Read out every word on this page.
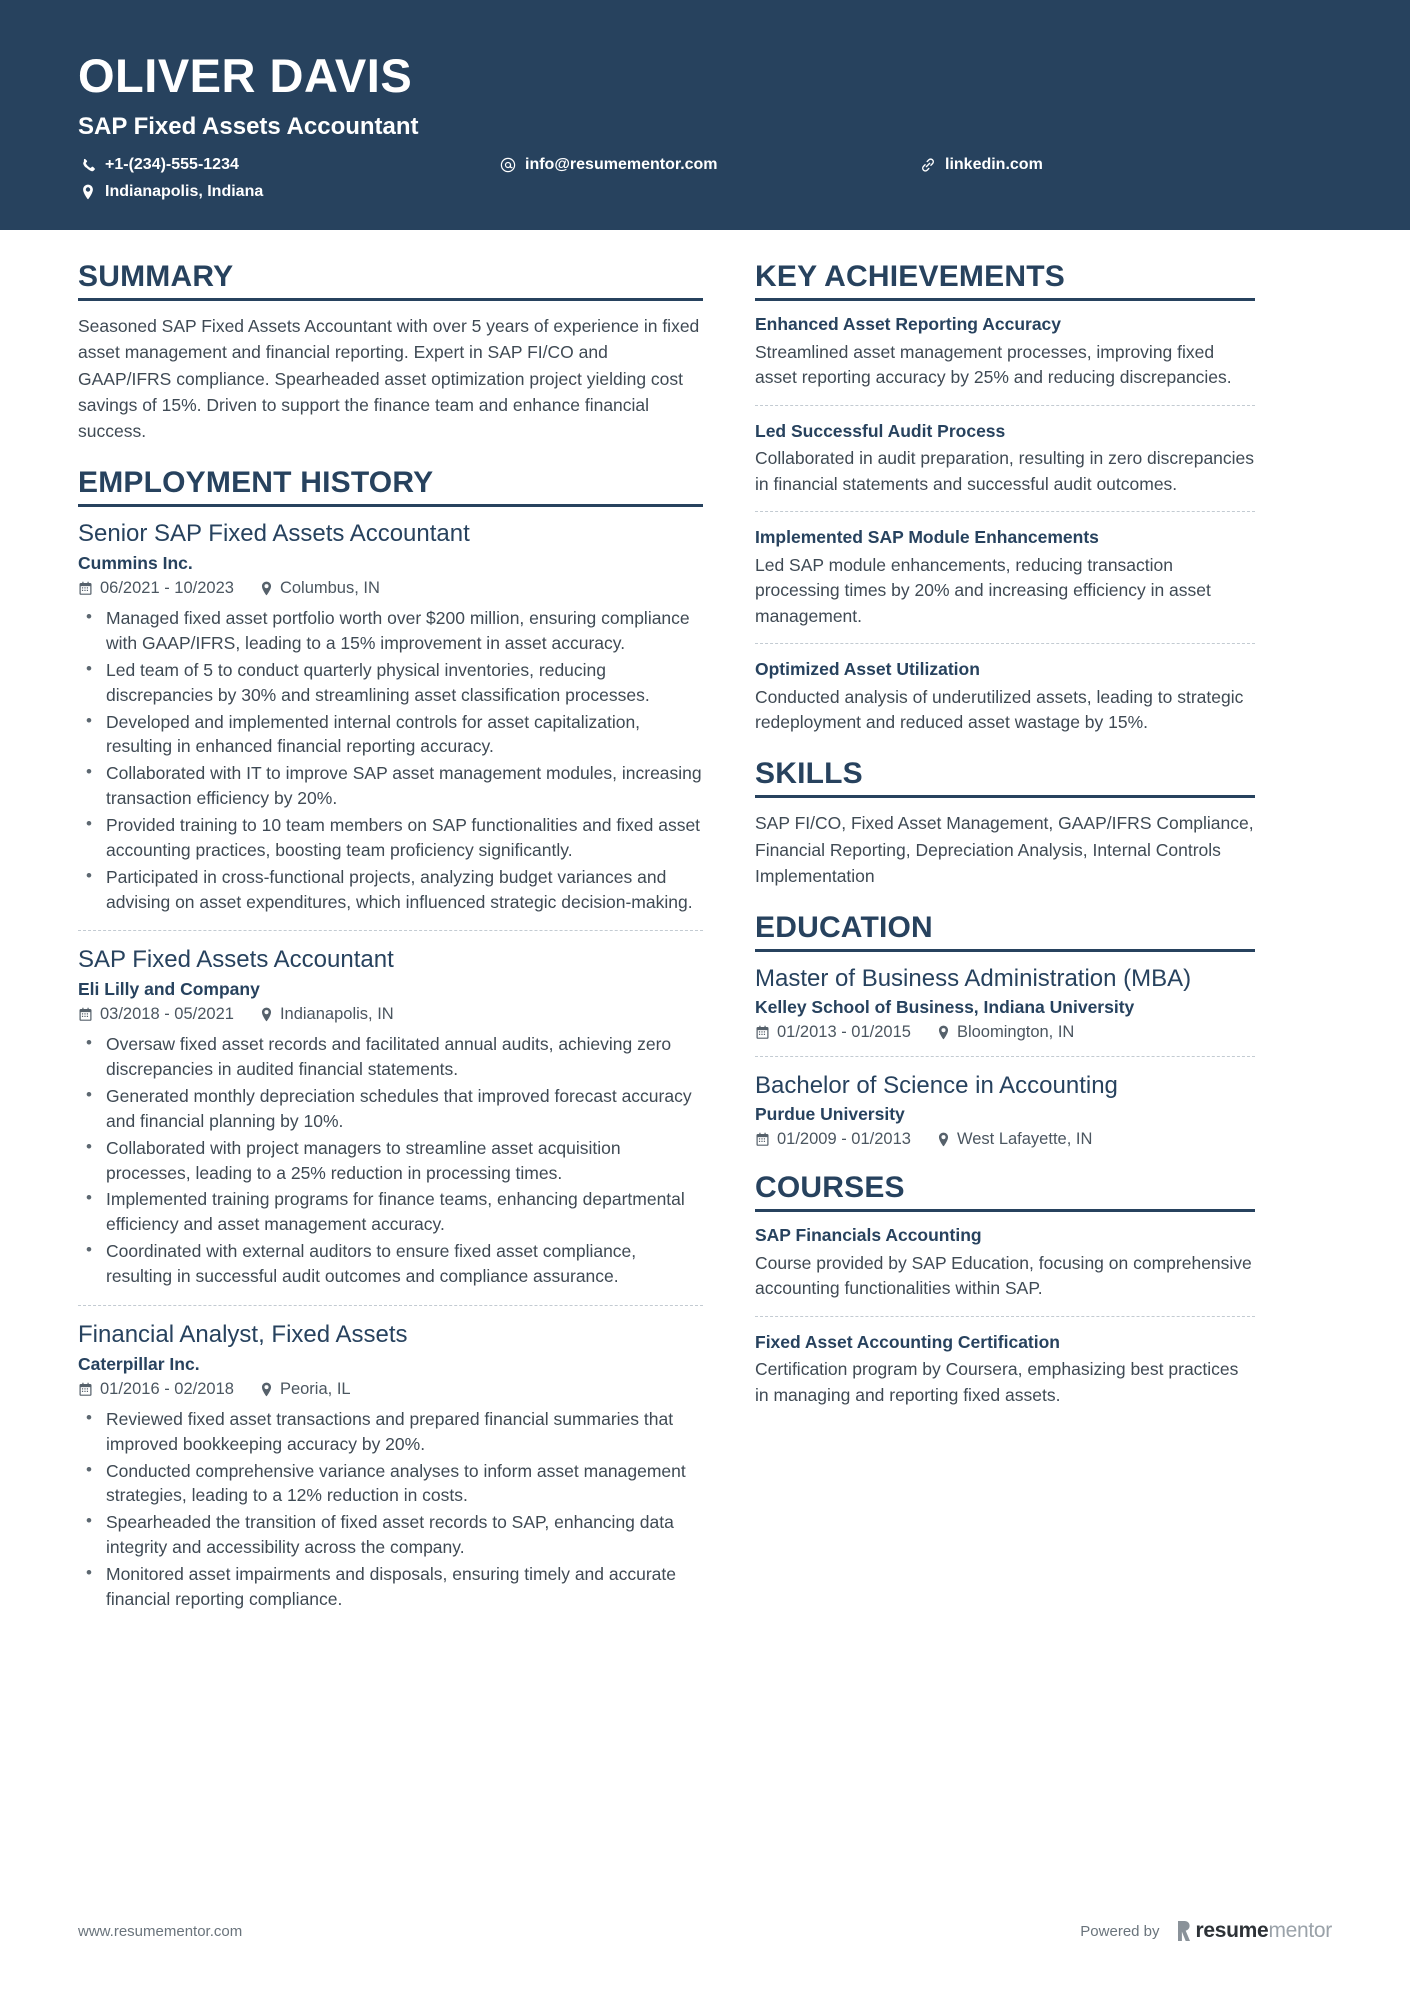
OLIVER DAVIS
SAP Fixed Assets Accountant
+1-(234)-555-1234	info@resumementor.com	linkedin.com
Indianapolis, Indiana
SUMMARY
Seasoned SAP Fixed Assets Accountant with over 5 years of experience in fixed asset management and financial reporting. Expert in SAP FI/CO and GAAP/IFRS compliance. Spearheaded asset optimization project yielding cost savings of 15%. Driven to support the finance team and enhance financial success.
EMPLOYMENT HISTORY
Senior SAP Fixed Assets Accountant
Cummins Inc.
06/2021 - 10/2023	Columbus, IN
• Managed fixed asset portfolio worth over $200 million, ensuring compliance with GAAP/IFRS, leading to a 15% improvement in asset accuracy.
• Led team of 5 to conduct quarterly physical inventories, reducing discrepancies by 30% and streamlining asset classification processes.
• Developed and implemented internal controls for asset capitalization, resulting in enhanced financial reporting accuracy.
• Collaborated with IT to improve SAP asset management modules, increasing transaction efficiency by 20%.
• Provided training to 10 team members on SAP functionalities and fixed asset accounting practices, boosting team proficiency significantly.
• Participated in cross-functional projects, analyzing budget variances and advising on asset expenditures, which influenced strategic decision-making.
SAP Fixed Assets Accountant
Eli Lilly and Company
03/2018 - 05/2021	Indianapolis, IN
• Oversaw fixed asset records and facilitated annual audits, achieving zero discrepancies in audited financial statements.
• Generated monthly depreciation schedules that improved forecast accuracy and financial planning by 10%.
• Collaborated with project managers to streamline asset acquisition processes, leading to a 25% reduction in processing times.
• Implemented training programs for finance teams, enhancing departmental efficiency and asset management accuracy.
• Coordinated with external auditors to ensure fixed asset compliance, resulting in successful audit outcomes and compliance assurance.
Financial Analyst, Fixed Assets
Caterpillar Inc.
01/2016 - 02/2018	Peoria, IL
• Reviewed fixed asset transactions and prepared financial summaries that improved bookkeeping accuracy by 20%.
• Conducted comprehensive variance analyses to inform asset management strategies, leading to a 12% reduction in costs.
• Spearheaded the transition of fixed asset records to SAP, enhancing data integrity and accessibility across the company.
• Monitored asset impairments and disposals, ensuring timely and accurate financial reporting compliance.
KEY ACHIEVEMENTS
Enhanced Asset Reporting Accuracy
Streamlined asset management processes, improving fixed asset reporting accuracy by 25% and reducing discrepancies.
Led Successful Audit Process
Collaborated in audit preparation, resulting in zero discrepancies in financial statements and successful audit outcomes.
Implemented SAP Module Enhancements
Led SAP module enhancements, reducing transaction processing times by 20% and increasing efficiency in asset management.
Optimized Asset Utilization
Conducted analysis of underutilized assets, leading to strategic redeployment and reduced asset wastage by 15%.
SKILLS
SAP FI/CO, Fixed Asset Management, GAAP/IFRS Compliance, Financial Reporting, Depreciation Analysis, Internal Controls Implementation
EDUCATION
Master of Business Administration (MBA)
Kelley School of Business, Indiana University
01/2013 - 01/2015	Bloomington, IN
Bachelor of Science in Accounting
Purdue University
01/2009 - 01/2013	West Lafayette, IN
COURSES
SAP Financials Accounting
Course provided by SAP Education, focusing on comprehensive accounting functionalities within SAP.
Fixed Asset Accounting Certification
Certification program by Coursera, emphasizing best practices in managing and reporting fixed assets.
www.resumementor.com	Powered by resumementor
